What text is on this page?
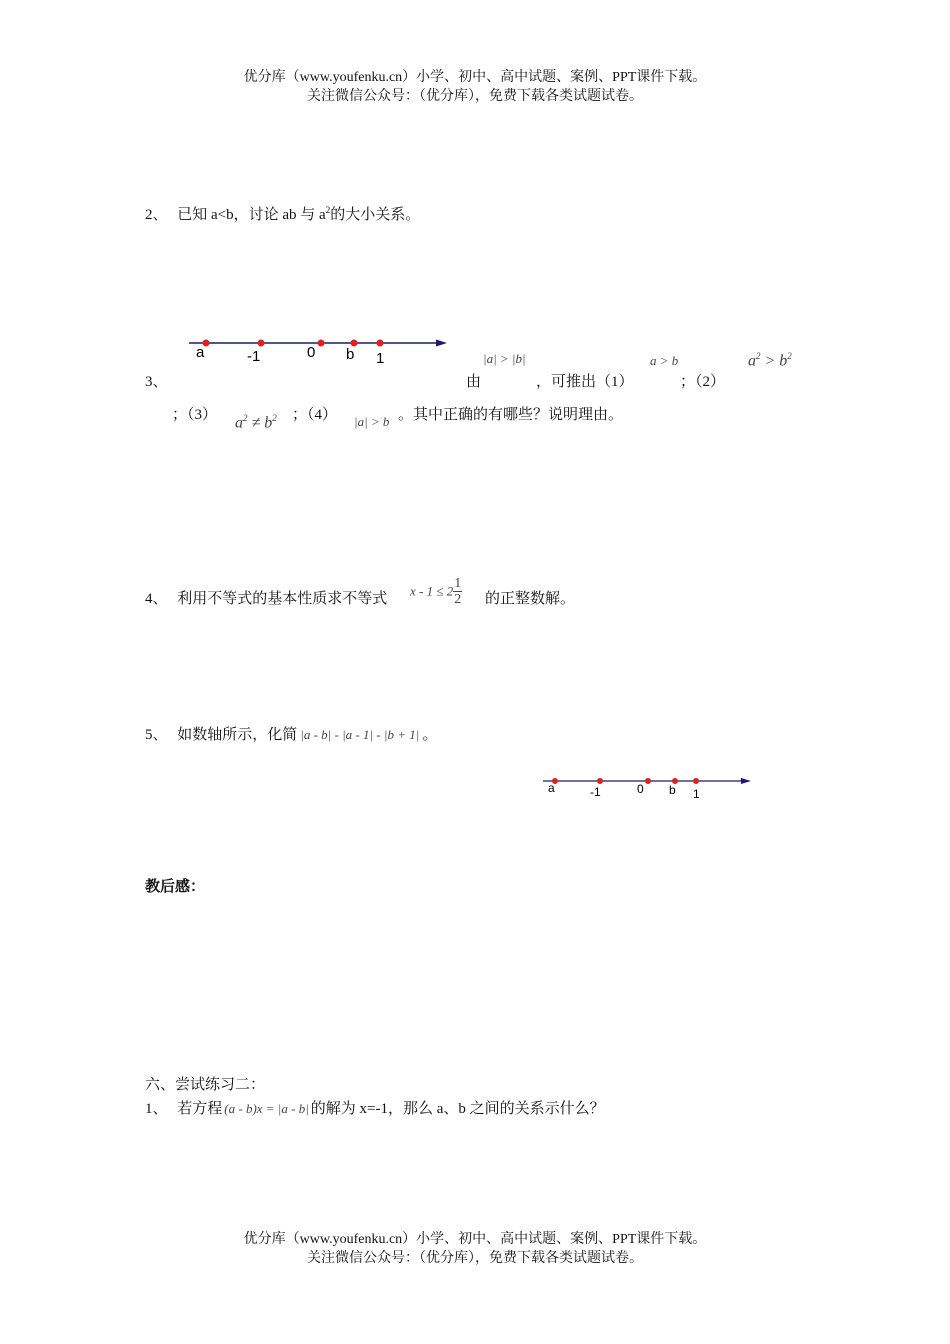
优分库（www.youfenku.cn）小学、初中、高中试题、案例、PPT课件下载。
关注微信公众号：（优分库），免费下载各类试题试卷。
2、 已知 a<b，讨论 ab 与 $a^2$的大小关系。
a	-1	0 b 1
3、	由
|a| > |b|
，可推出（1）
a > b
；（2）
$a^2 > b^2$
；（3） $a^2 \ne b^2$ ；（4） |a| > b 。其中正确的有哪些？说明理由。
4、 利用不等式的基本性质求不等式 $x - 1 \le 2 \frac{1}{2}$ 的正整数解。
5、 如数轴所示，化简 |a - b| - |a - 1| - |b + 1| 。
a	-1	0 b 1
教后感：
六、尝试练习二：
1、 若方程 (a - b)x = |a - b| 的解为 x=-1，那么 a、b 之间的关系示什么？
优分库（www.youfenku.cn）小学、初中、高中试题、案例、PPT课件下载。
关注微信公众号：（优分库），免费下载各类试题试卷。
